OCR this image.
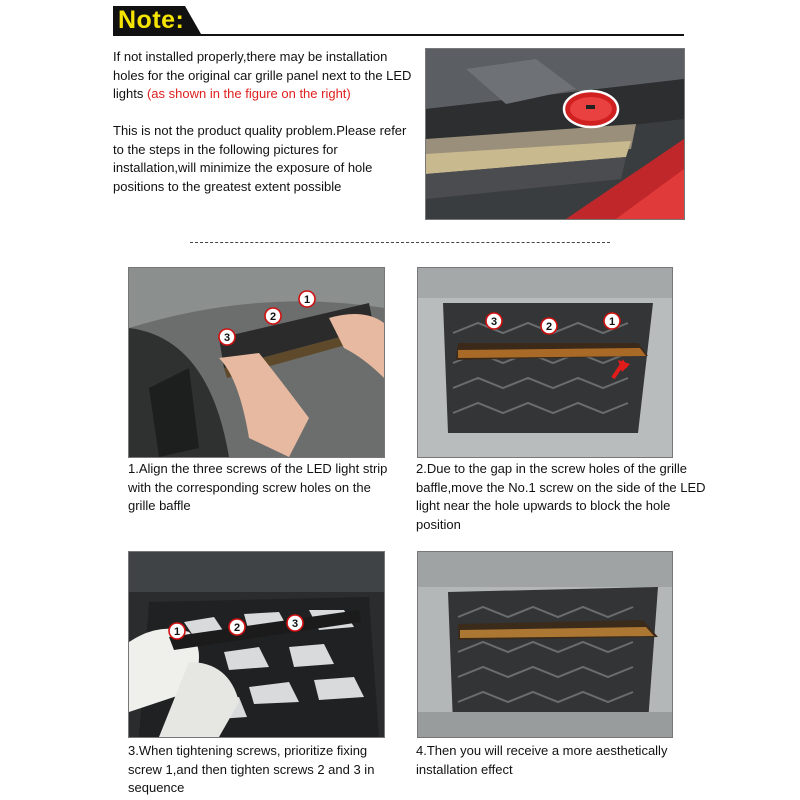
Note:
If not installed properly,there may be installation holes for the original car grille panel next to the LED lights (as shown in the figure on the right)
This is not the product quality problem.Please refer to the steps in the following pictures for installation,will minimize the exposure of hole positions to the greatest extent possible
1
2
3
1.Align the three screws of the LED light strip with the corresponding screw holes on the grille baffle
3	2	1
2.Due to the gap in the screw holes of the grille baffle,move the No.1 screw on the side of the LED light near the hole upwards to block the hole position
1	2	3
3.When tightening screws, prioritize fixing screw 1,and then tighten screws 2 and 3 in sequence
4.Then you will receive a more aesthetically installation effect
